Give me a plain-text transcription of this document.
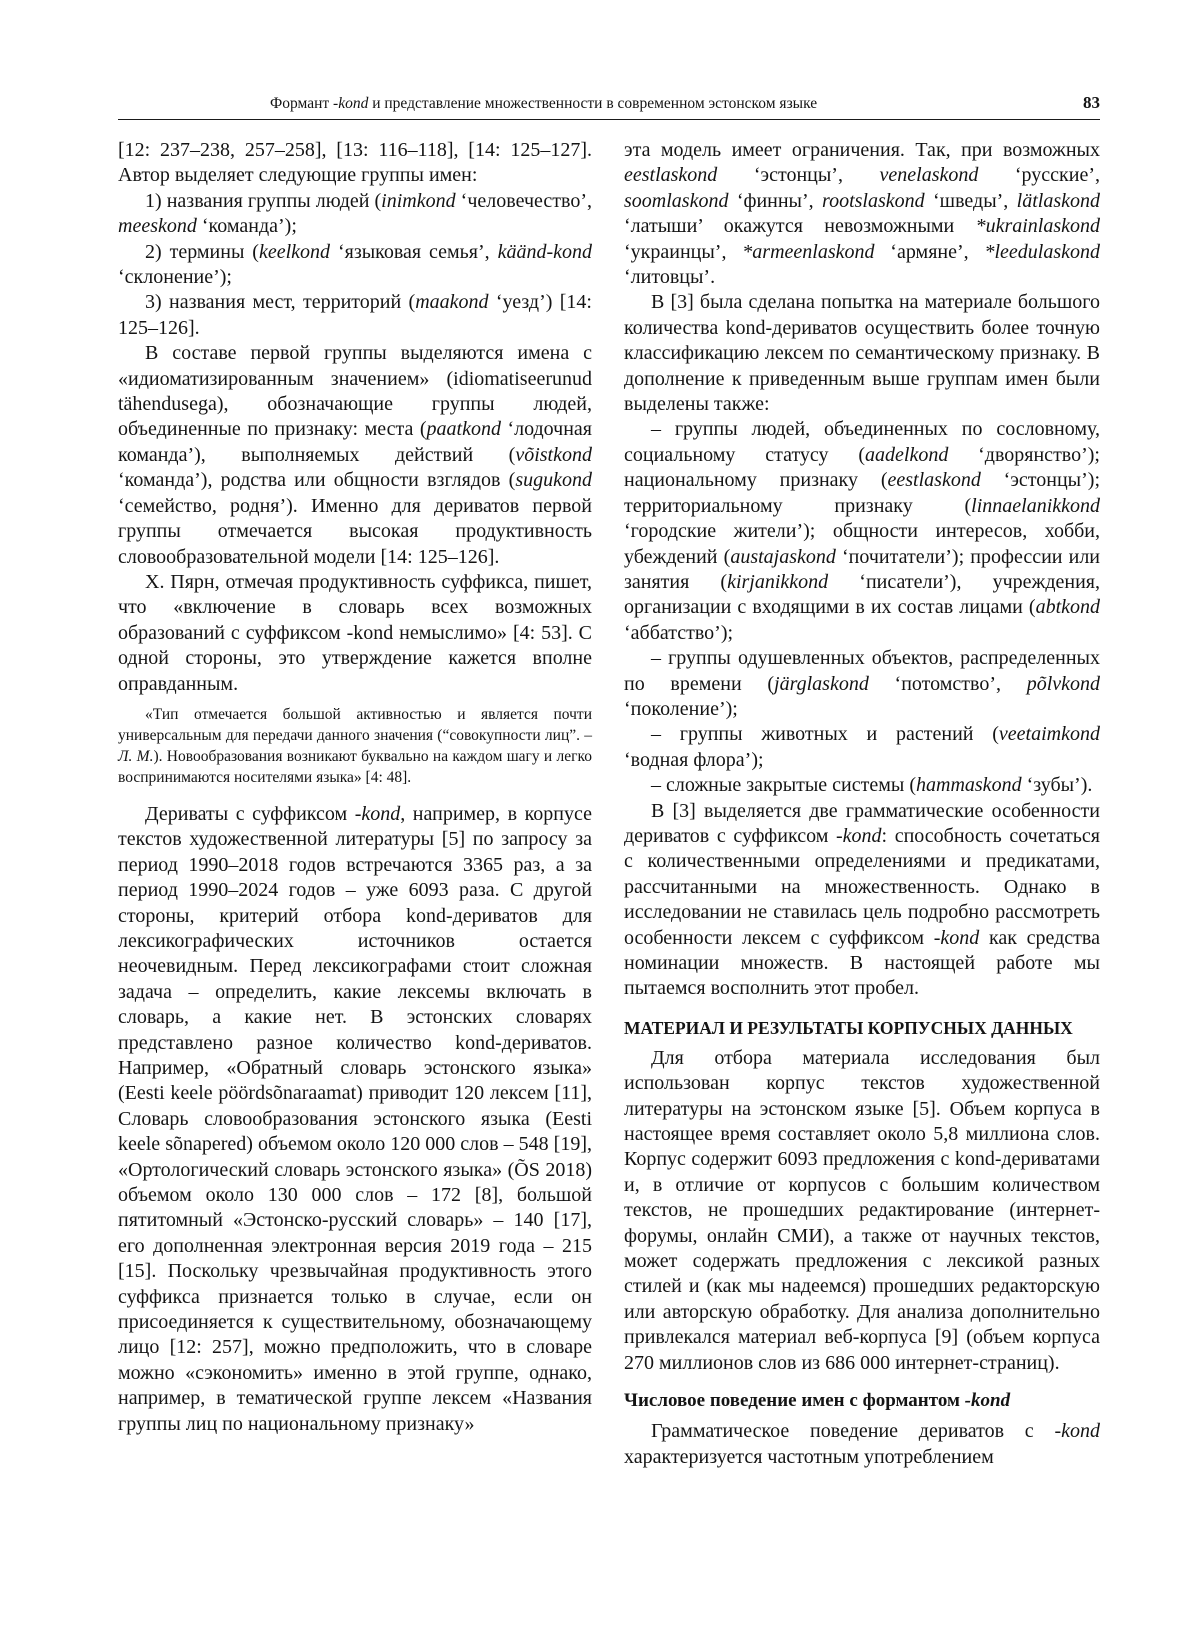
Формант -kond и представление множественности в современном эстонском языке	83

[12: 237–238, 257–258], [13: 116–118], [14: 125–127]. Автор выделяет следующие группы имен:

1) названия группы людей (inimkond ‘человечество’, meeskond ‘команда’);

2) термины (keelkond ‘языковая семья’, käänd-kond ‘склонение’);

3) названия мест, территорий (maakond ‘уезд’) [14: 125–126].

В составе первой группы выделяются имена с «идиоматизированным значением» (idiomatiseerunud tähendusega), обозначающие группы людей, объединенные по признаку: места (paatkond ‘лодочная команда’), выполняемых действий (võistkond ‘команда’), родства или общности взглядов (sugukond ‘семейство, родня’). Именно для дериватов первой группы отмечается высокая продуктивность словообразовательной модели [14: 125–126].

Х. Пярн, отмечая продуктивность суффикса, пишет, что «включение в словарь всех возможных образований с суффиксом -kond немыслимо» [4: 53]. С одной стороны, это утверждение кажется вполне оправданным.

«Тип отмечается большой активностью и является почти универсальным для передачи данного значения (“совокупности лиц”. – Л. М.). Новообразования возникают буквально на каждом шагу и легко воспринимаются носителями языка» [4: 48].

Дериваты с суффиксом -kond, например, в корпусе текстов художественной литературы [5] по запросу за период 1990–2018 годов встречаются 3365 раз, а за период 1990–2024 годов – уже 6093 раза. С другой стороны, критерий отбора kond-дериватов для лексикографических источников остается неочевидным. Перед лексикографами стоит сложная задача – определить, какие лексемы включать в словарь, а какие нет. В эстонских словарях представлено разное количество kond-дериватов. Например, «Обратный словарь эстонского языка» (Eesti keele pöördsõnaraamat) приводит 120 лексем [11], Словарь словообразования эстонского языка (Eesti keele sõnapered) объемом около 120 000 слов – 548 [19], «Ортологический словарь эстонского языка» (ÕS 2018) объемом около 130 000 слов – 172 [8], большой пятитомный «Эстонско-русский словарь» – 140 [17], его дополненная электронная версия 2019 года – 215 [15]. Поскольку чрезвычайная продуктивность этого суффикса признается только в случае, если он присоединяется к существительному, обозначающему лицо [12: 257], можно предположить, что в словаре можно «сэкономить» именно в этой группе, однако, например, в тематической группе лексем «Названия группы лиц по национальному признаку»

эта модель имеет ограничения. Так, при возможных eestlaskond ‘эстонцы’, venelaskond ‘русские’, soomlaskond ‘финны’, rootslaskond ‘шведы’, lätlaskond ‘латыши’ окажутся невозможными *ukrainlaskond ‘украинцы’, *armeenlaskond ‘армяне’, *leedulaskond ‘литовцы’.

В [3] была сделана попытка на материале большого количества kond-дериватов осуществить более точную классификацию лексем по семантическому признаку. В дополнение к приведенным выше группам имен были выделены также:

– группы людей, объединенных по сословному, социальному статусу (aadelkond ‘дворянство’); национальному признаку (eestlaskond ‘эстонцы’); территориальному признаку (linnaelanikkond ‘городские жители’); общности интересов, хобби, убеждений (austajaskond ‘почитатели’); профессии или занятия (kirjanikkond ‘писатели’), учреждения, организации с входящими в их состав лицами (abtkond ‘аббатство’);

– группы одушевленных объектов, распределенных по времени (järglaskond ‘потомство’, põlvkond ‘поколение’);

– группы животных и растений (veetaimkond ‘водная флора’);

– сложные закрытые системы (hammaskond ‘зубы’).

В [3] выделяется две грамматические особенности дериватов с суффиксом -kond: способность сочетаться с количественными определениями и предикатами, рассчитанными на множественность. Однако в исследовании не ставилась цель подробно рассмотреть особенности лексем с суффиксом -kond как средства номинации множеств. В настоящей работе мы пытаемся восполнить этот пробел.

МАТЕРИАЛ И РЕЗУЛЬТАТЫ КОРПУСНЫХ ДАННЫХ

Для отбора материала исследования был использован корпус текстов художественной литературы на эстонском языке [5]. Объем корпуса в настоящее время составляет около 5,8 миллиона слов. Корпус содержит 6093 предложения с kond-дериватами и, в отличие от корпусов с большим количеством текстов, не прошедших редактирование (интернет-форумы, онлайн СМИ), а также от научных текстов, может содержать предложения с лексикой разных стилей и (как мы надеемся) прошедших редакторскую или авторскую обработку. Для анализа дополнительно привлекался материал веб-корпуса [9] (объем корпуса 270 миллионов слов из 686 000 интернет-страниц).

Числовое поведение имен с формантом -kond

Грамматическое поведение дериватов с -kond характеризуется частотным употреблением
